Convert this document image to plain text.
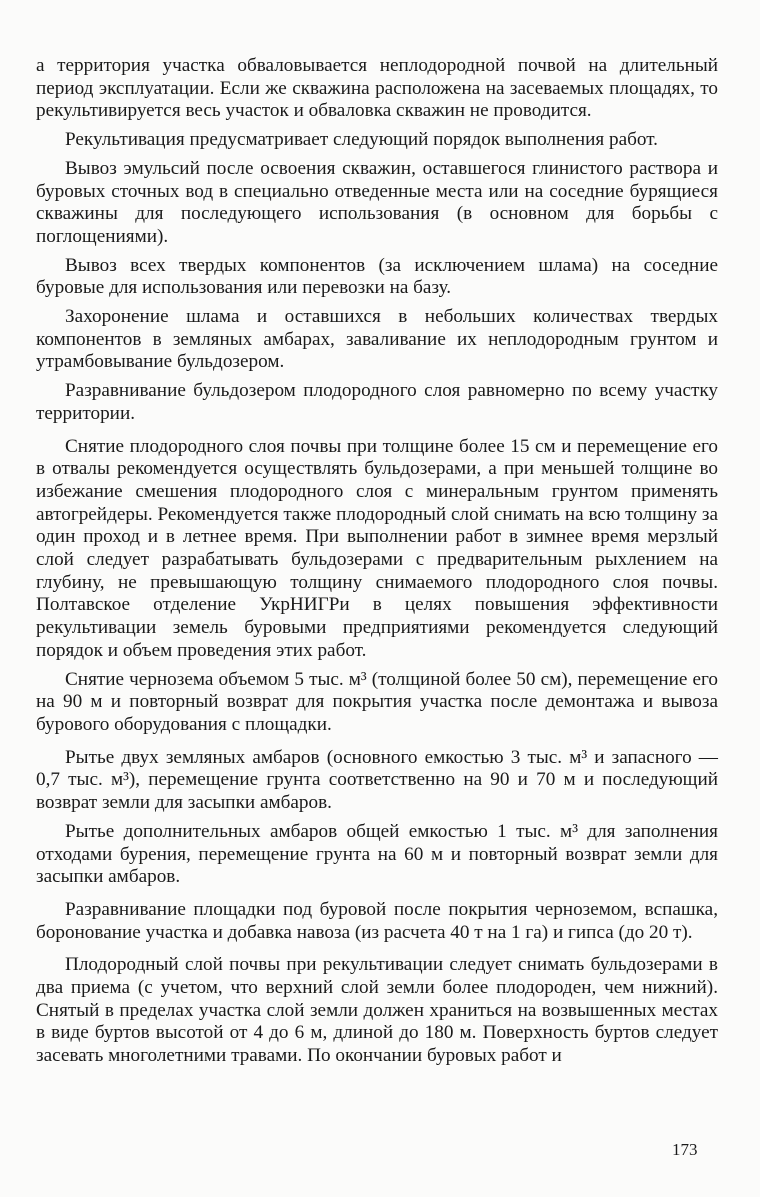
а территория участка обваловывается неплодородной почвой на длительный период эксплуатации. Если же скважина расположена на засеваемых площадях, то рекультивируется весь участок и обваловка скважин не проводится.

Рекультивация предусматривает следующий порядок выполнения работ.

Вывоз эмульсий после освоения скважин, оставшегося глинистого раствора и буровых сточных вод в специально отведенные места или на соседние бурящиеся скважины для последующего использования (в основном для борьбы с поглощениями).

Вывоз всех твердых компонентов (за исключением шлама) на соседние буровые для использования или перевозки на базу.

Захоронение шлама и оставшихся в небольших количествах твердых компонентов в земляных амбарах, заваливание их неплодородным грунтом и утрамбовывание бульдозером.

Разравнивание бульдозером плодородного слоя равномерно по всему участку территории.

Снятие плодородного слоя почвы при толщине более 15 см и перемещение его в отвалы рекомендуется осуществлять бульдозерами, а при меньшей толщине во избежание смешения плодородного слоя с минеральным грунтом применять автогрейдеры. Рекомендуется также плодородный слой снимать на всю толщину за один проход и в летнее время. При выполнении работ в зимнее время мерзлый слой следует разрабатывать бульдозерами с предварительным рыхлением на глубину, не превышающую толщину снимаемого плодородного слоя почвы. Полтавское отделение УкрНИГРи в целях повышения эффективности рекультивации земель буровыми предприятиями рекомендуется следующий порядок и объем проведения этих работ.

Снятие чернозема объемом 5 тыс. м³ (толщиной более 50 см), перемещение его на 90 м и повторный возврат для покрытия участка после демонтажа и вывоза бурового оборудования с площадки.

Рытье двух земляных амбаров (основного емкостью 3 тыс. м³ и запасного — 0,7 тыс. м³), перемещение грунта соответственно на 90 и 70 м и последующий возврат земли для засыпки амбаров.

Рытье дополнительных амбаров общей емкостью 1 тыс. м³ для заполнения отходами бурения, перемещение грунта на 60 м и повторный возврат земли для засыпки амбаров.

Разравнивание площадки под буровой после покрытия черноземом, вспашка, боронование участка и добавка навоза (из расчета 40 т на 1 га) и гипса (до 20 т).

Плодородный слой почвы при рекультивации следует снимать бульдозерами в два приема (с учетом, что верхний слой земли более плодороден, чем нижний). Снятый в пределах участка слой земли должен храниться на возвышенных местах в виде буртов высотой от 4 до 6 м, длиной до 180 м. Поверхность буртов следует засевать многолетними травами. По окончании буровых работ и

173
